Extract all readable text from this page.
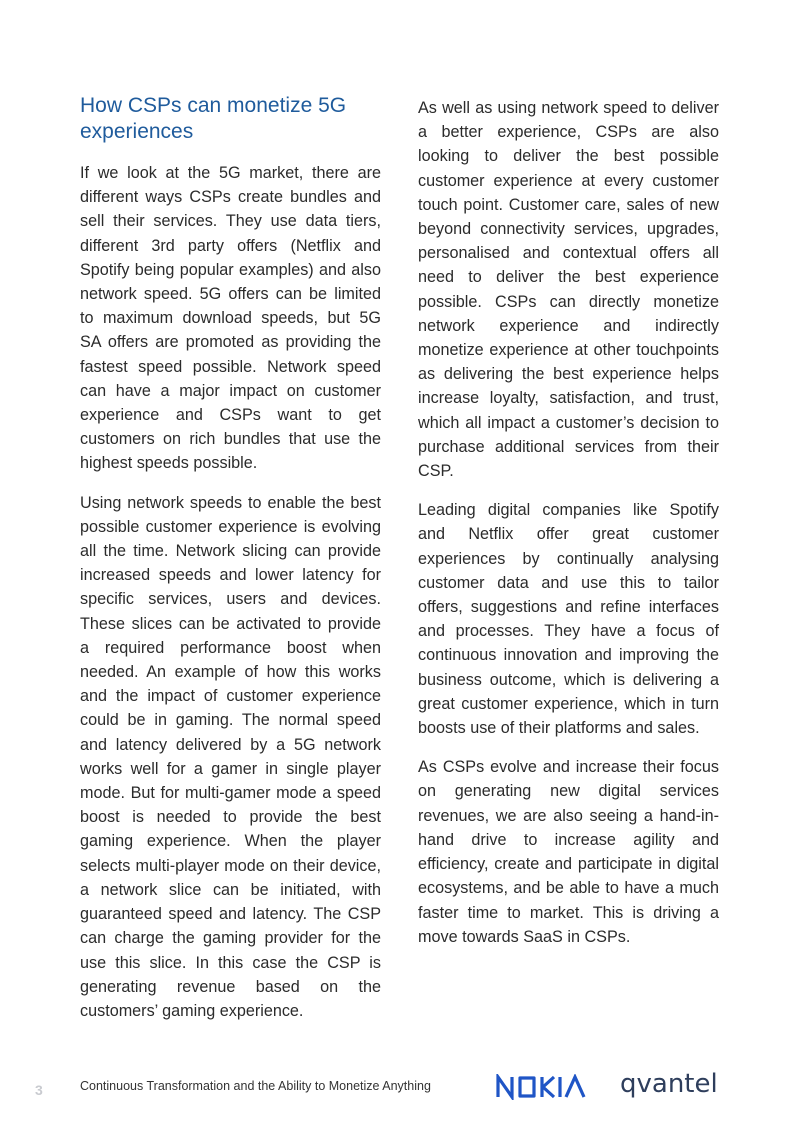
How CSPs can monetize 5G experiences

If we look at the 5G market, there are different ways CSPs create bundles and sell their services. They use data tiers, different 3rd party offers (Netflix and Spotify being popular examples) and also network speed. 5G offers can be limited to maximum download speeds, but 5G SA offers are promoted as providing the fastest speed possible. Network speed can have a major impact on customer experience and CSPs want to get customers on rich bundles that use the highest speeds possible.

Using network speeds to enable the best possible customer experience is evolving all the time. Network slicing can provide increased speeds and lower latency for specific services, users and devices. These slices can be activated to provide a required performance boost when needed. An example of how this works and the impact of customer experience could be in gaming. The normal speed and latency delivered by a 5G network works well for a gamer in single player mode. But for multi-gamer mode a speed boost is needed to provide the best gaming experience. When the player selects multi-player mode on their device, a network slice can be initiated, with guaranteed speed and latency. The CSP can charge the gaming provider for the use this slice. In this case the CSP is generating revenue based on the customers’ gaming experience.

As well as using network speed to deliver a better experience, CSPs are also looking to deliver the best possible customer experience at every customer touch point. Customer care, sales of new beyond connectivity services, upgrades, personalised and contextual offers all need to deliver the best experience possible. CSPs can directly monetize network experience and indirectly monetize experience at other touchpoints as delivering the best experience helps increase loyalty, satisfaction, and trust, which all impact a customer’s decision to purchase additional services from their CSP.

Leading digital companies like Spotify and Netflix offer great customer experiences by continually analysing customer data and use this to tailor offers, suggestions and refine interfaces and processes. They have a focus of continuous innovation and improving the business outcome, which is delivering a great customer experience, which in turn boosts use of their platforms and sales.

As CSPs evolve and increase their focus on generating new digital services revenues, we are also seeing a hand-in-hand drive to increase agility and efficiency, create and participate in digital ecosystems, and be able to have a much faster time to market. This is driving a move towards SaaS in CSPs.

3	Continuous Transformation and the Ability to Monetize Anything	qvantel
